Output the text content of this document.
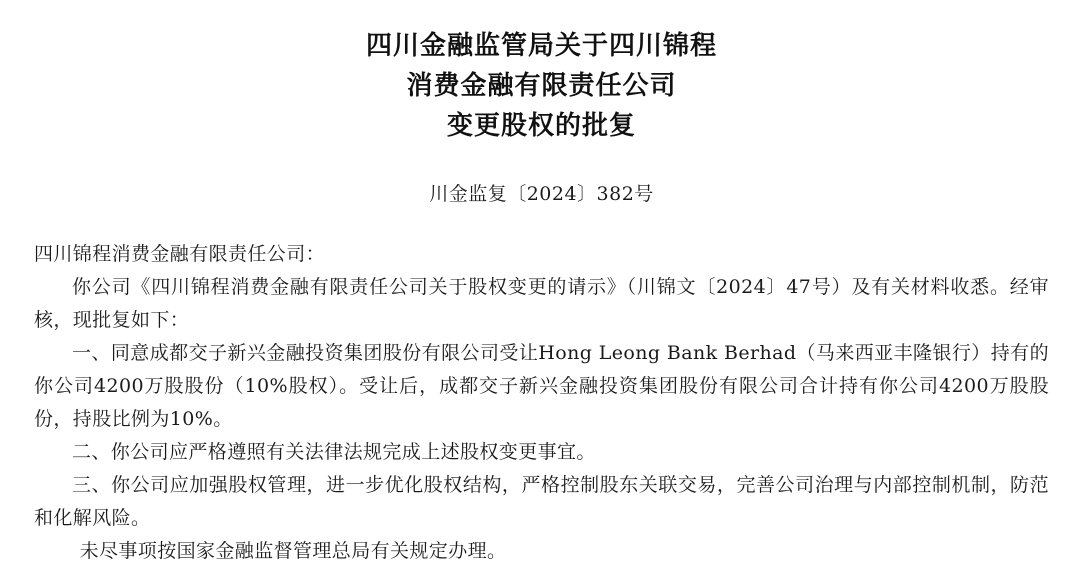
四川金融监管局关于四川锦程
消费金融有限责任公司
变更股权的批复
川金监复〔2024〕382号

四川锦程消费金融有限责任公司：

你公司《四川锦程消费金融有限责任公司关于股权变更的请示》（川锦文〔2024〕47号）及有关材料收悉。经审核，现批复如下：

一、同意成都交子新兴金融投资集团股份有限公司受让Hong Leong Bank Berhad（马来西亚丰隆银行）持有的你公司4200万股股份（10%股权）。受让后，成都交子新兴金融投资集团股份有限公司合计持有你公司4200万股股份，持股比例为10%。

二、你公司应严格遵照有关法律法规完成上述股权变更事宜。

三、你公司应加强股权管理，进一步优化股权结构，严格控制股东关联交易，完善公司治理与内部控制机制，防范和化解风险。

未尽事项按国家金融监督管理总局有关规定办理。
